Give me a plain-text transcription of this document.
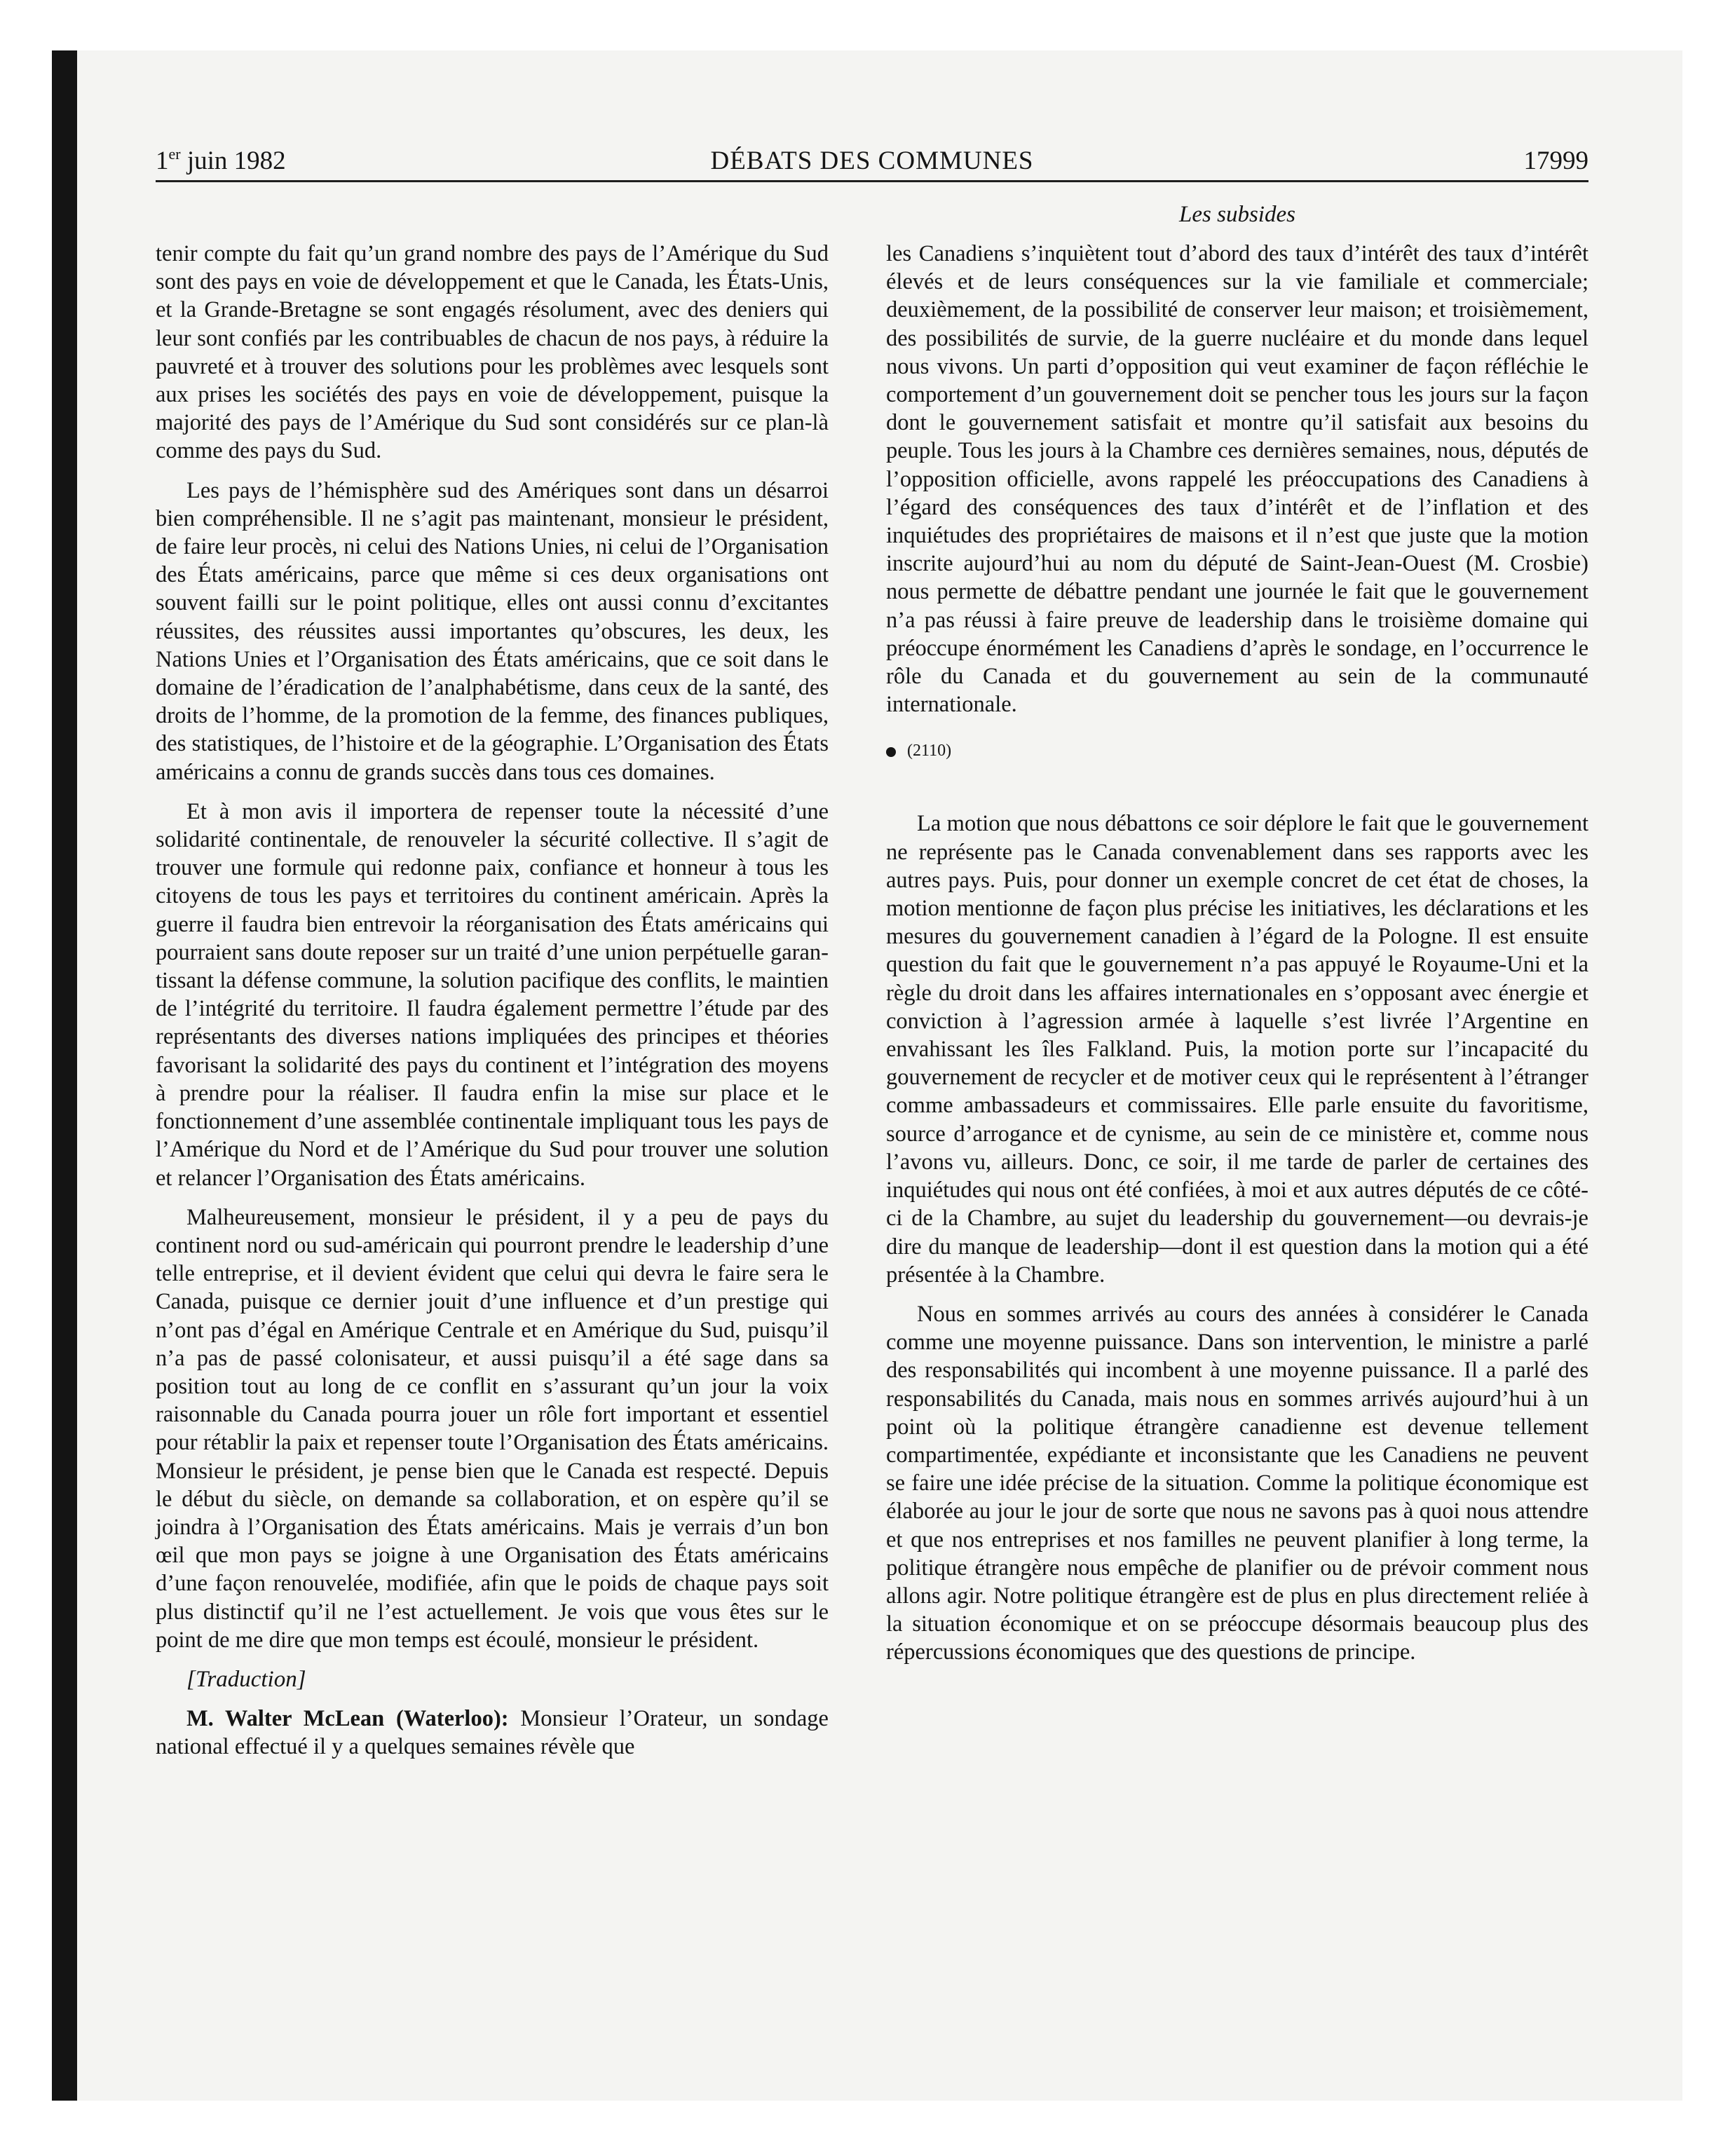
1er juin 1982	DÉBATS DES COMMUNES	17999
Les subsides

tenir compte du fait qu’un grand nombre des pays de l’Amérique du Sud sont des pays en voie de développement et que le Canada, les États-Unis, et la Grande-Bretagne se sont engagés résolument, avec des deniers qui leur sont confiés par les contribuables de chacun de nos pays, à réduire la pauvreté et à trouver des solutions pour les problèmes avec lesquels sont aux prises les sociétés des pays en voie de développement, puisque la majorité des pays de l’Amérique du Sud sont considérés sur ce plan-là comme des pays du Sud.

Les pays de l’hémisphère sud des Amériques sont dans un désarroi bien compréhensible. Il ne s’agit pas maintenant, monsieur le président, de faire leur procès, ni celui des Nations Unies, ni celui de l’Organisation des États américains, parce que même si ces deux organisations ont souvent failli sur le point politique, elles ont aussi connu d’excitantes réussites, des réussites aussi importantes qu’obscures, les deux, les Nations Unies et l’Organisation des États américains, que ce soit dans le domaine de l’éradication de l’analphabétisme, dans ceux de la santé, des droits de l’homme, de la promotion de la femme, des finances publiques, des statistiques, de l’histoire et de la géographie. L’Organisation des États américains a connu de grands succès dans tous ces domaines.

Et à mon avis il importera de repenser toute la nécessité d’une solidarité continentale, de renouveler la sécurité collective. Il s’agit de trouver une formule qui redonne paix, confiance et honneur à tous les citoyens de tous les pays et territoires du continent américain. Après la guerre il faudra bien entrevoir la réorganisation des États américains qui pourraient sans doute reposer sur un traité d’une union perpétuelle garantissant la défense commune, la solution pacifique des conflits, le maintien de l’intégrité du territoire. Il faudra également permettre l’étude par des représentants des diverses nations impliquées des principes et théories favorisant la solidarité des pays du continent et l’intégration des moyens à prendre pour la réaliser. Il faudra enfin la mise sur place et le fonctionnement d’une assemblée continentale impliquant tous les pays de l’Amérique du Nord et de l’Amérique du Sud pour trouver une solution et relancer l’Organisation des États américains.

Malheureusement, monsieur le président, il y a peu de pays du continent nord ou sud-américain qui pourront prendre le leadership d’une telle entreprise, et il devient évident que celui qui devra le faire sera le Canada, puisque ce dernier jouit d’une influence et d’un prestige qui n’ont pas d’égal en Amérique Centrale et en Amérique du Sud, puisqu’il n’a pas de passé colonisateur, et aussi puisqu’il a été sage dans sa position tout au long de ce conflit en s’assurant qu’un jour la voix raisonnable du Canada pourra jouer un rôle fort important et essentiel pour rétablir la paix et repenser toute l’Organisation des États américains. Monsieur le président, je pense bien que le Canada est respecté. Depuis le début du siècle, on demande sa collaboration, et on espère qu’il se joindra à l’Organisation des États américains. Mais je verrais d’un bon œil que mon pays se joigne à une Organisation des États américains d’une façon renouvelée, modifiée, afin que le poids de chaque pays soit plus distinctif qu’il ne l’est actuellement. Je vois que vous êtes sur le point de me dire que mon temps est écoulé, monsieur le président.

[Traduction]

M. Walter McLean (Waterloo): Monsieur l’Orateur, un sondage national effectué il y a quelques semaines révèle que

les Canadiens s’inquiètent tout d’abord des taux d’intérêt des taux d’intérêt élevés et de leurs conséquences sur la vie familiale et commerciale; deuxièmement, de la possibilité de conserver leur maison; et troisièmement, des possibilités de survie, de la guerre nucléaire et du monde dans lequel nous vivons. Un parti d’opposition qui veut examiner de façon réfléchie le comportement d’un gouvernement doit se pencher tous les jours sur la façon dont le gouvernement satisfait et montre qu’il satisfait aux besoins du peuple. Tous les jours à la Chambre ces dernières semaines, nous, députés de l’opposition officielle, avons rappelé les préoccupations des Canadiens à l’égard des conséquences des taux d’intérêt et de l’inflation et des inquiétudes des propriétaires de maisons et il n’est que juste que la motion inscrite aujourd’hui au nom du député de Saint-Jean-Ouest (M. Crosbie) nous permette de débattre pendant une journée le fait que le gouvernement n’a pas réussi à faire preuve de leadership dans le troisième domaine qui préoccupe énormément les Canadiens d’après le sondage, en l’occurrence le rôle du Canada et du gouvernement au sein de la communauté internationale.

(2110)

La motion que nous débattons ce soir déplore le fait que le gouvernement ne représente pas le Canada convenablement dans ses rapports avec les autres pays. Puis, pour donner un exemple concret de cet état de choses, la motion mentionne de façon plus précise les initiatives, les déclarations et les mesures du gouvernement canadien à l’égard de la Pologne. Il est ensuite question du fait que le gouvernement n’a pas appuyé le Royaume-Uni et la règle du droit dans les affaires internationales en s’opposant avec énergie et conviction à l’agression armée à laquelle s’est livrée l’Argentine en envahissant les îles Falkland. Puis, la motion porte sur l’incapacité du gouvernement de recycler et de motiver ceux qui le représentent à l’étranger comme ambassadeurs et commissaires. Elle parle ensuite du favoritisme, source d’arrogance et de cynisme, au sein de ce ministère et, comme nous l’avons vu, ailleurs. Donc, ce soir, il me tarde de parler de certaines des inquiétudes qui nous ont été confiées, à moi et aux autres députés de ce côté-ci de la Chambre, au sujet du leadership du gouvernement—ou devrais-je dire du manque de leadership—dont il est question dans la motion qui a été présentée à la Chambre.

Nous en sommes arrivés au cours des années à considérer le Canada comme une moyenne puissance. Dans son intervention, le ministre a parlé des responsabilités qui incombent à une moyenne puissance. Il a parlé des responsabilités du Canada, mais nous en sommes arrivés aujourd’hui à un point où la politique étrangère canadienne est devenue tellement compartimentée, expédiante et inconsistante que les Canadiens ne peuvent se faire une idée précise de la situation. Comme la politique économique est élaborée au jour le jour de sorte que nous ne savons pas à quoi nous attendre et que nos entreprises et nos familles ne peuvent planifier à long terme, la politique étrangère nous empêche de planifier ou de prévoir comment nous allons agir. Notre politique étrangère est de plus en plus directement reliée à la situation économique et on se préoccupe désormais beaucoup plus des répercussions économiques que des questions de principe.
